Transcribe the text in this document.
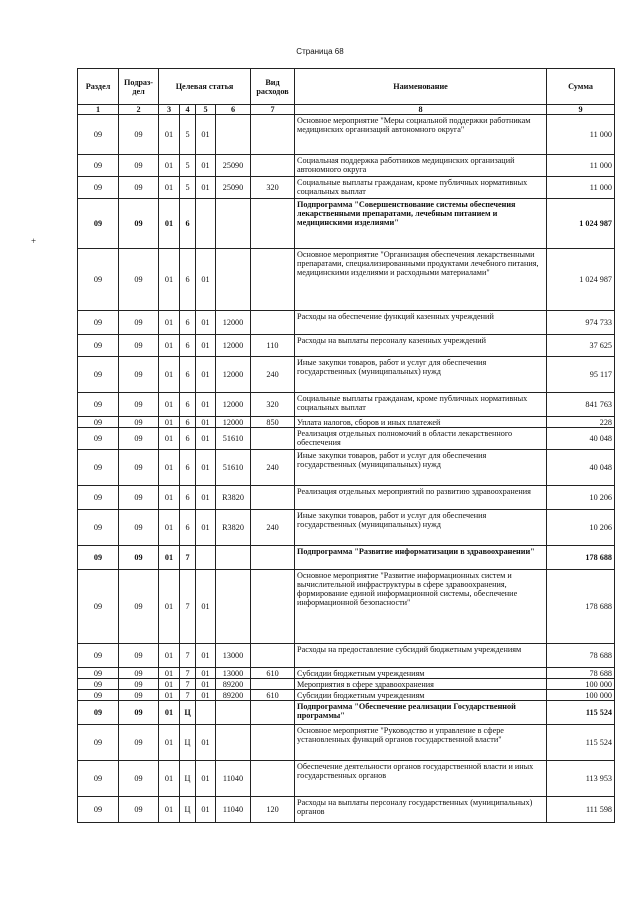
Страница 68
+
Раздел	Подраз-дел	Целевая статья				Вид расходов	Наименование	Сумма
1	2	3	4	5	6	7	8	9
09	09	01	5	01			Основное мероприятие "Меры социальной поддержки работникам медицинских организаций автономного округа"	11 000
09	09	01	5	01	25090		Социальная поддержка работников медицинских организаций автономного округа	11 000
09	09	01	5	01	25090	320	Социальные выплаты гражданам, кроме публичных нормативных социальных выплат	11 000
09	09	01	6				Подпрограмма "Совершенствование системы обеспечения лекарственными препаратами, лечебным питанием и медицинскими изделиями"	1 024 987
09	09	01	6	01			Основное мероприятие "Организация обеспечения лекарственными препаратами, специализированными продуктами лечебного питания, медицинскими изделиями и расходными материалами"	1 024 987
09	09	01	6	01	12000		Расходы на обеспечение функций казенных учреждений	974 733
09	09	01	6	01	12000	110	Расходы на выплаты персоналу казенных учреждений	37 625
09	09	01	6	01	12000	240	Иные закупки товаров, работ и услуг для обеспечения государственных (муниципальных) нужд	95 117
09	09	01	6	01	12000	320	Социальные выплаты гражданам, кроме публичных нормативных социальных выплат	841 763
09	09	01	6	01	12000	850	Уплата налогов, сборов и иных платежей	228
09	09	01	6	01	51610		Реализация отдельных полномочий в области лекарственного обеспечения	40 048
09	09	01	6	01	51610	240	Иные закупки товаров, работ и услуг для обеспечения государственных (муниципальных) нужд	40 048
09	09	01	6	01	R3820		Реализация отдельных мероприятий по развитию здравоохранения	10 206
09	09	01	6	01	R3820	240	Иные закупки товаров, работ и услуг для обеспечения государственных (муниципальных) нужд	10 206
09	09	01	7				Подпрограмма "Развитие информатизации в здравоохранении"	178 688
09	09	01	7	01			Основное мероприятие "Развитие информационных систем и вычислительной инфраструктуры в сфере здравоохранения, формирование единой информационной системы, обеспечение информационной безопасности"	178 688
09	09	01	7	01	13000		Расходы на предоставление субсидий бюджетным учреждениям	78 688
09	09	01	7	01	13000	610	Субсидии бюджетным учреждениям	78 688
09	09	01	7	01	89200		Мероприятия в сфере здравоохранения	100 000
09	09	01	7	01	89200	610	Субсидии бюджетным учреждениям	100 000
09	09	01	Ц				Подпрограмма "Обеспечение реализации Государственной программы"	115 524
09	09	01	Ц	01			Основное мероприятие "Руководство и управление в сфере установленных функций органов государственной власти"	115 524
09	09	01	Ц	01	11040		Обеспечение деятельности органов государственной власти и иных государственных органов	113 953
09	09	01	Ц	01	11040	120	Расходы на выплаты персоналу государственных (муниципальных) органов	111 598
